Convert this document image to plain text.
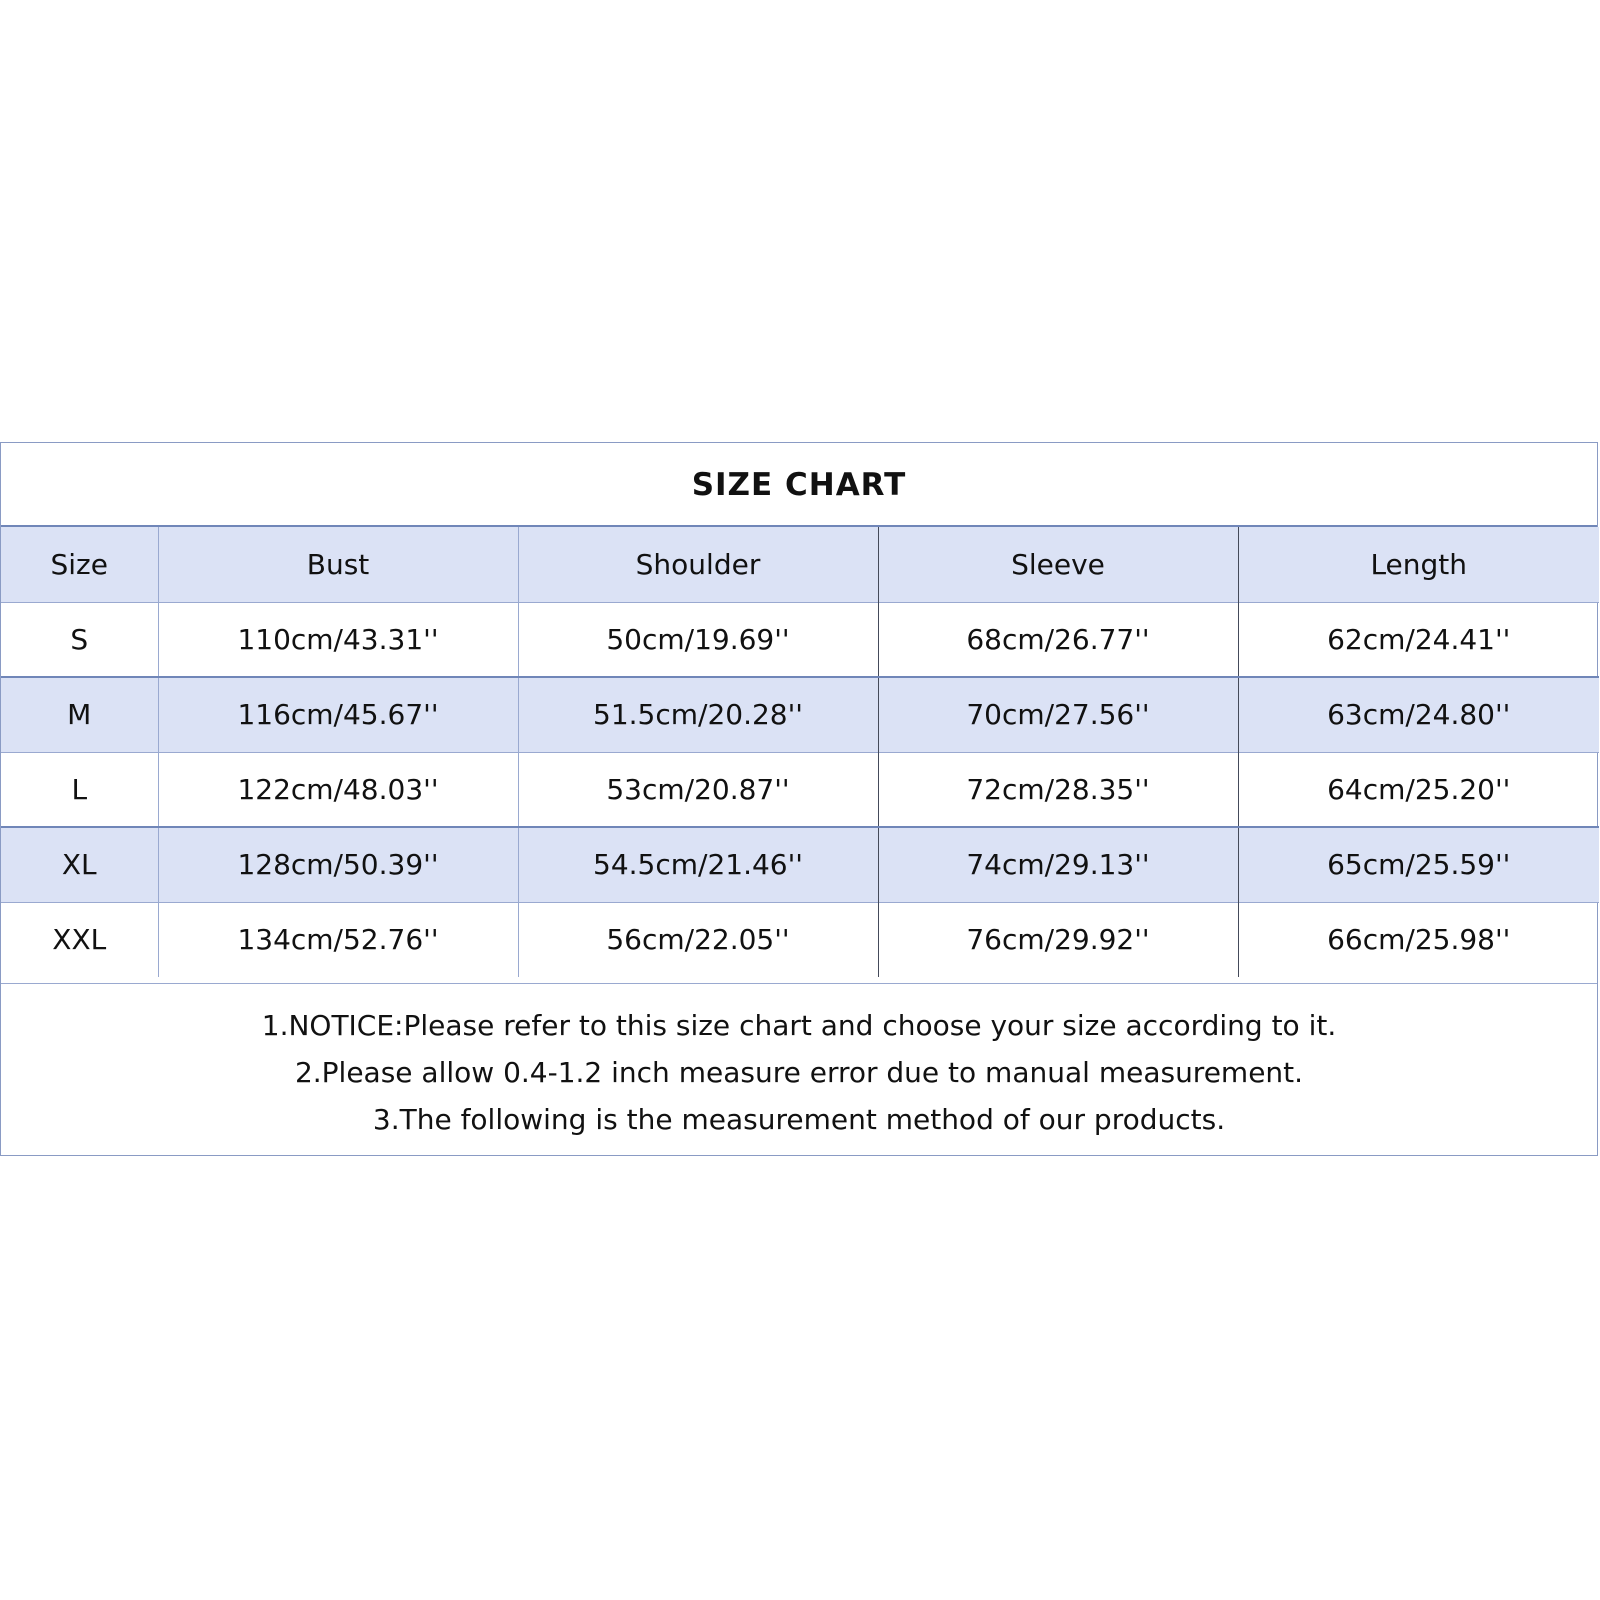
SIZE CHART
Size	Bust	Shoulder	Sleeve	Length
S	110cm/43.31''	50cm/19.69''	68cm/26.77''	62cm/24.41''
M	116cm/45.67''	51.5cm/20.28''	70cm/27.56''	63cm/24.80''
L	122cm/48.03''	53cm/20.87''	72cm/28.35''	64cm/25.20''
XL	128cm/50.39''	54.5cm/21.46''	74cm/29.13''	65cm/25.59''
XXL	134cm/52.76''	56cm/22.05''	76cm/29.92''	66cm/25.98''
1.NOTICE:Please refer to this size chart and choose your size according to it.
2.Please allow 0.4-1.2 inch measure error due to manual measurement.
3.The following is the measurement method of our products.
